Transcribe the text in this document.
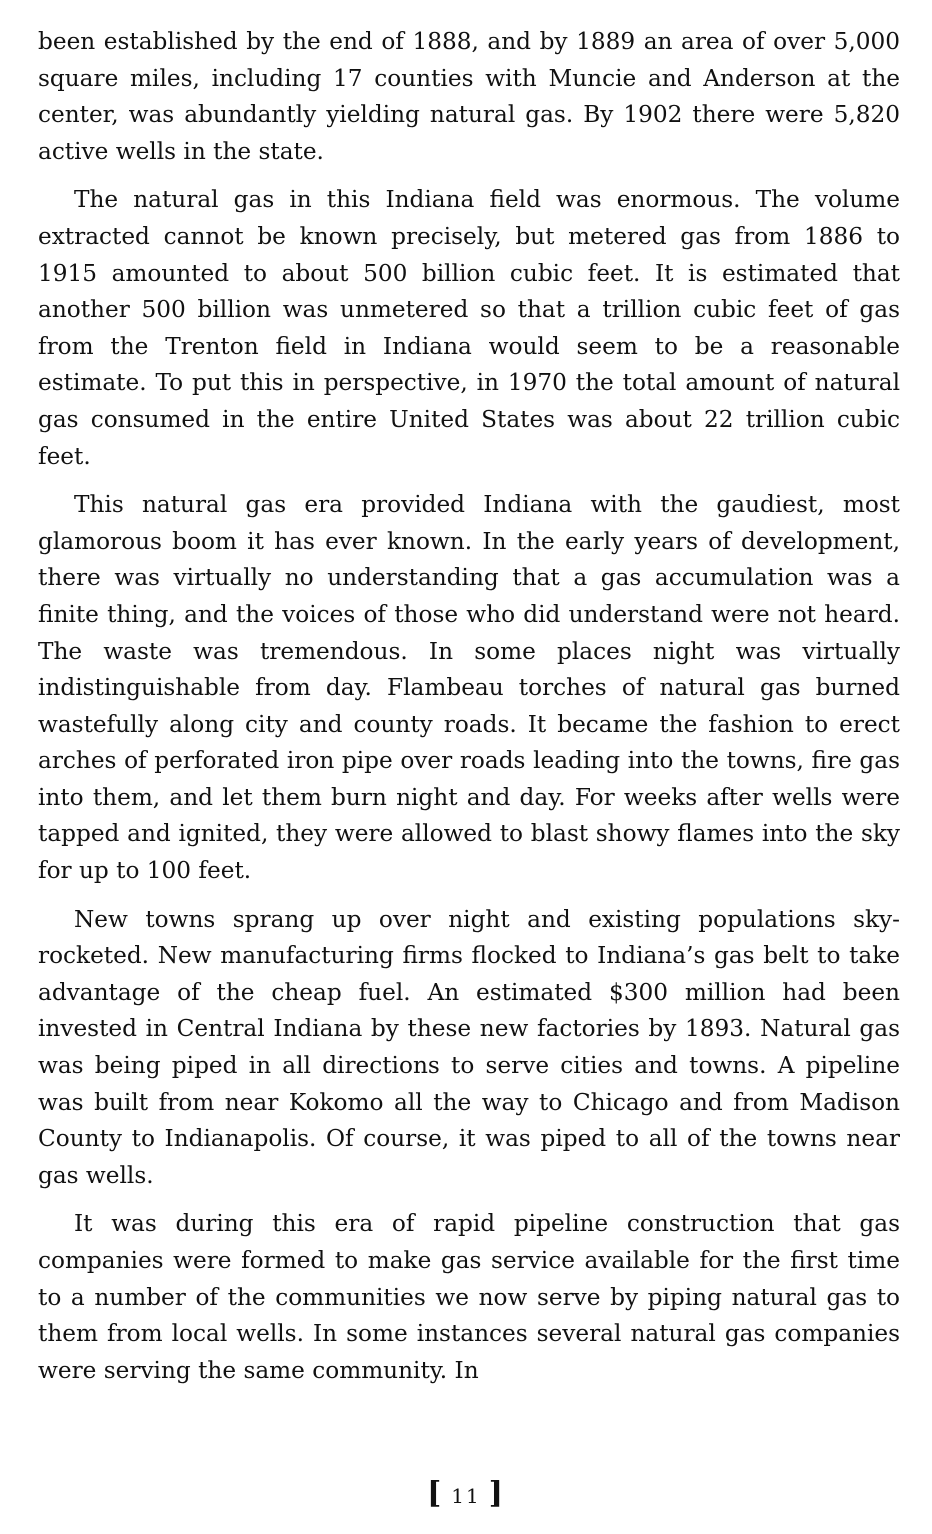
been established by the end of 1888, and by 1889 an area of over 5,000 square miles, including 17 counties with Muncie and Anderson at the center, was abundantly yielding natural gas. By 1902 there were 5,820 active wells in the state.

The natural gas in this Indiana field was enormous. The volume extracted cannot be known precisely, but metered gas from 1886 to 1915 amounted to about 500 billion cubic feet. It is estimated that another 500 billion was unmetered so that a trillion cubic feet of gas from the Trenton field in Indiana would seem to be a reasonable estimate. To put this in perspective, in 1970 the total amount of natural gas consumed in the entire United States was about 22 trillion cubic feet.

This natural gas era provided Indiana with the gaudiest, most glamorous boom it has ever known. In the early years of development, there was virtually no understanding that a gas accumulation was a finite thing, and the voices of those who did understand were not heard. The waste was tremendous. In some places night was virtually indistinguishable from day. Flambeau torches of natural gas burned wastefully along city and county roads. It became the fashion to erect arches of perforated iron pipe over roads leading into the towns, fire gas into them, and let them burn night and day. For weeks after wells were tapped and ignited, they were allowed to blast showy flames into the sky for up to 100 feet.

New towns sprang up over night and existing populations skyrocketed. New manufacturing firms flocked to Indiana’s gas belt to take advantage of the cheap fuel. An estimated $300 million had been invested in Central Indiana by these new factories by 1893. Natural gas was being piped in all directions to serve cities and towns. A pipeline was built from near Kokomo all the way to Chicago and from Madison County to Indianapolis. Of course, it was piped to all of the towns near gas wells.

It was during this era of rapid pipeline construction that gas companies were formed to make gas service available for the first time to a number of the communities we now serve by piping natural gas to them from local wells. In some instances several natural gas companies were serving the same community. In

[ 11 ]
